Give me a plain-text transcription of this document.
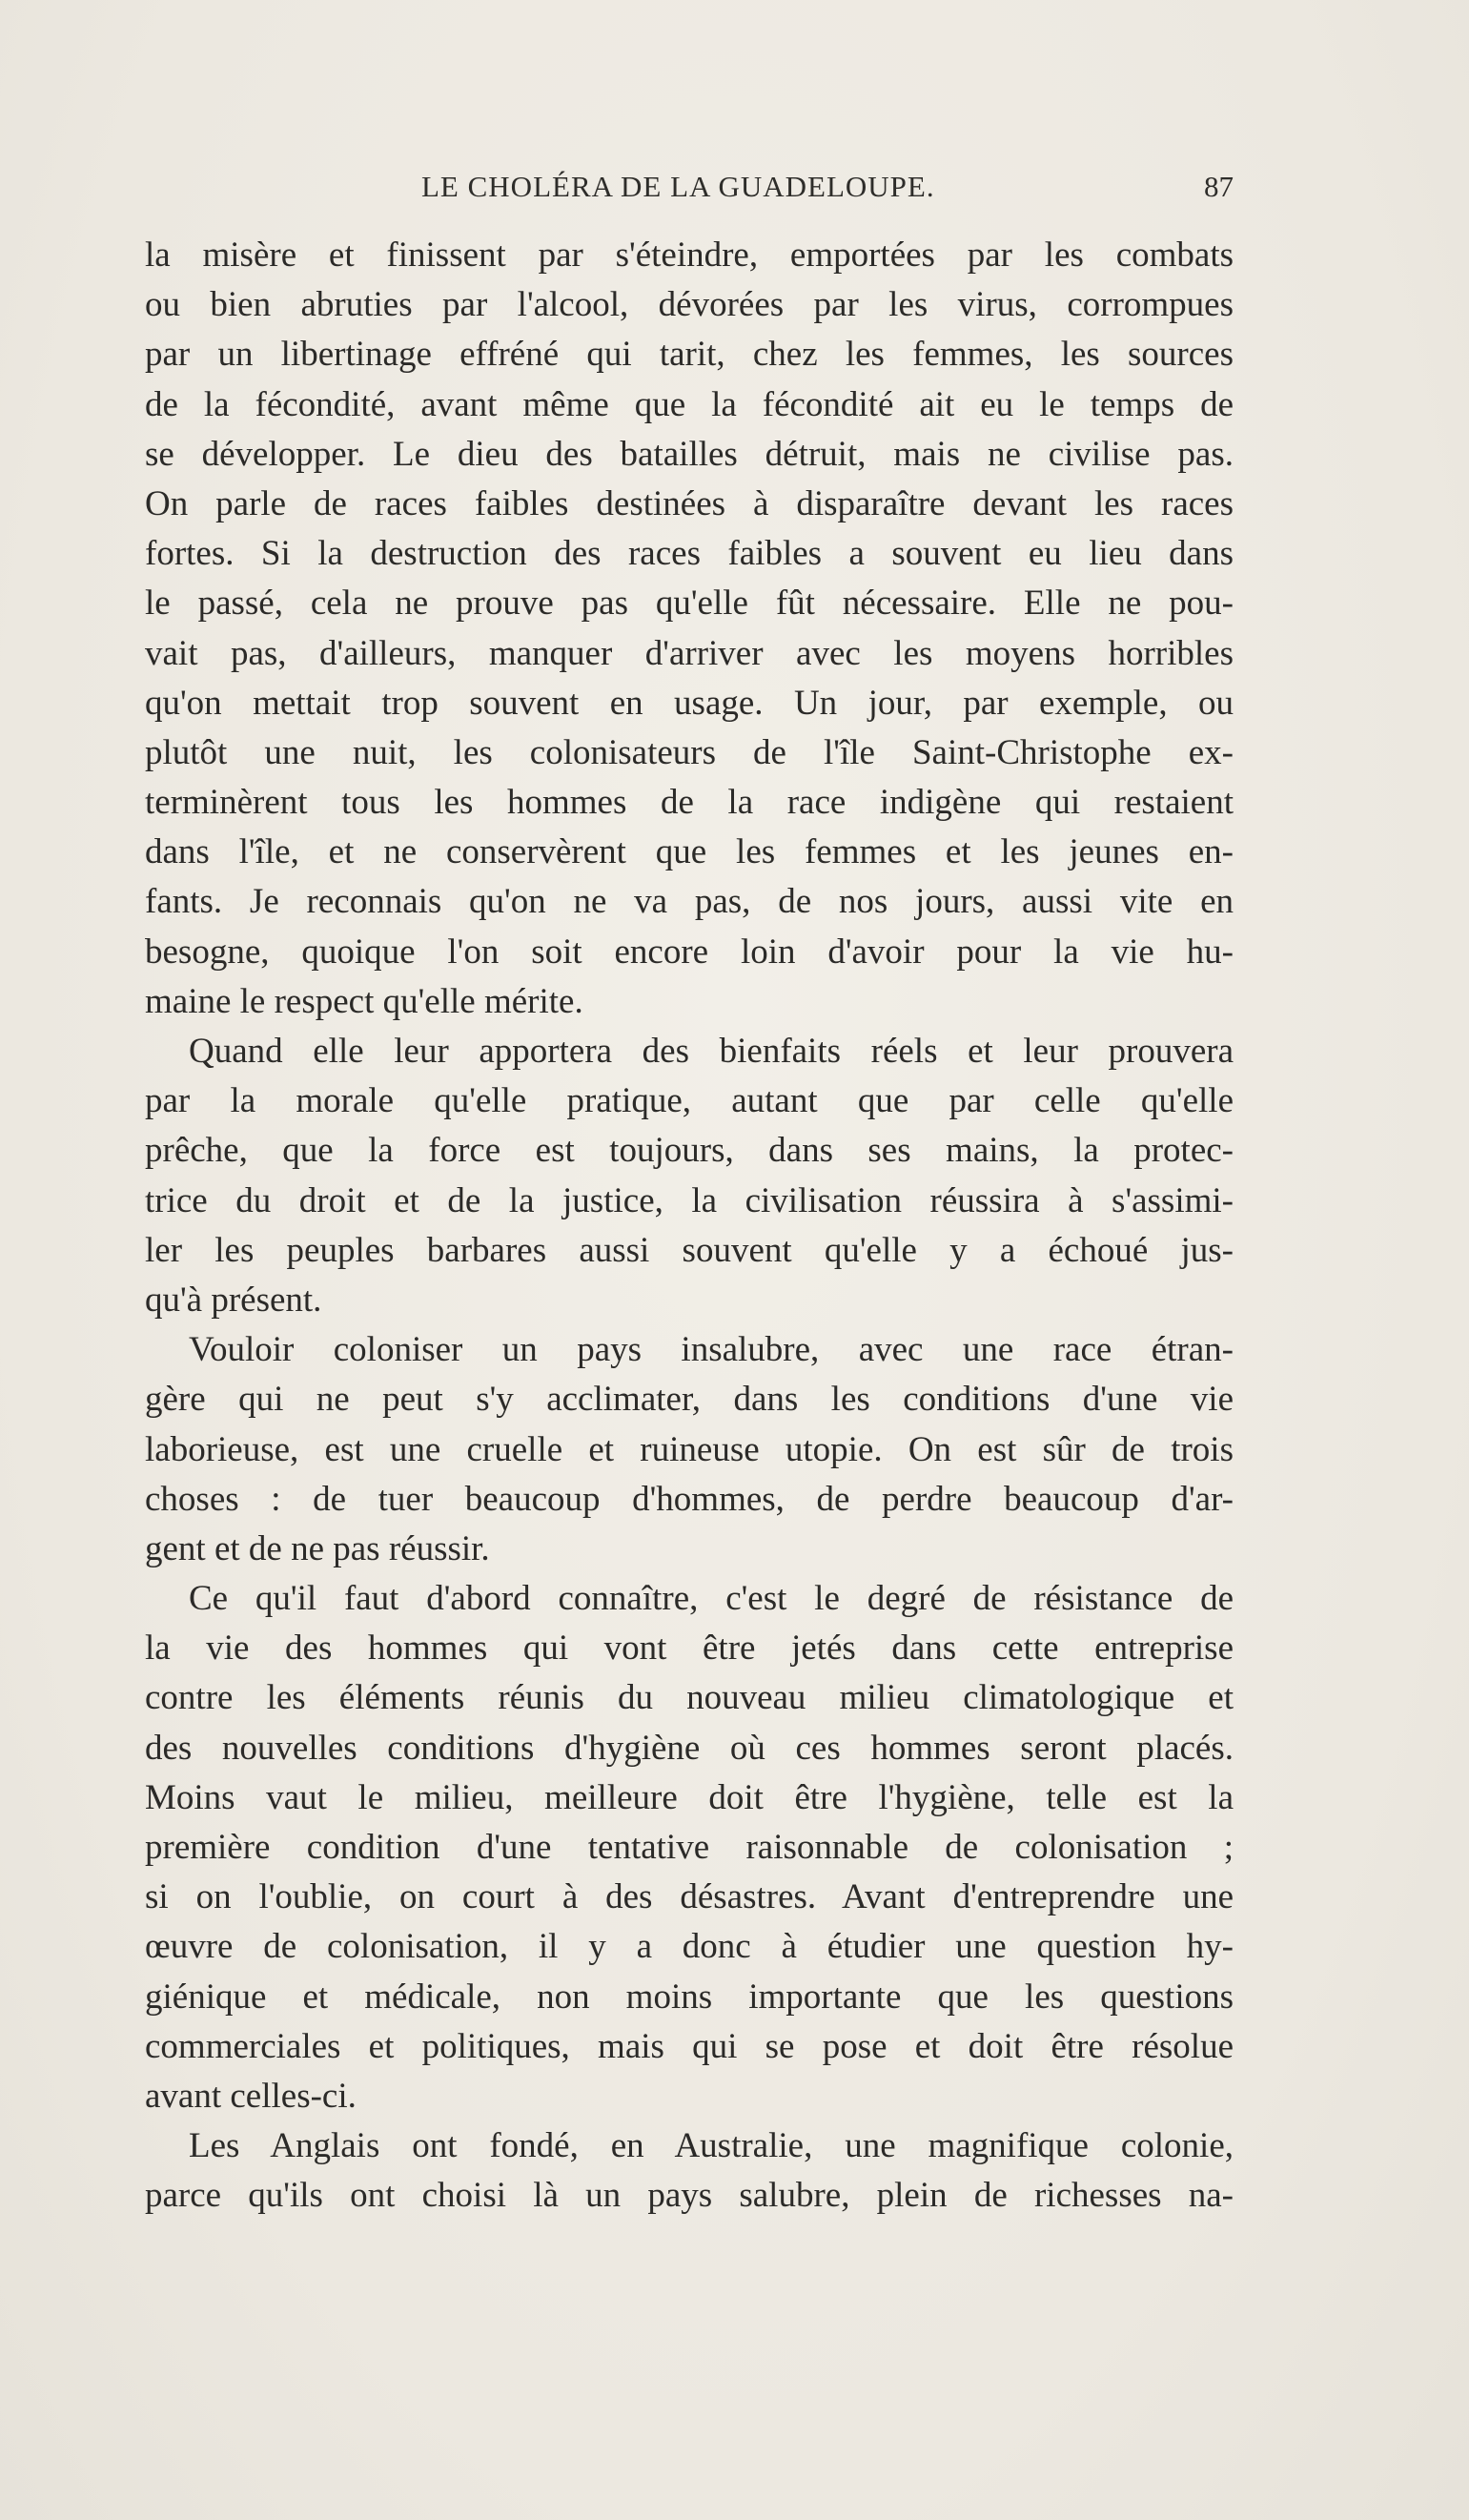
LE CHOLÉRA DE LA GUADELOUPE.	87
la misère et finissent par s'éteindre, emportées par les combats
ou bien abruties par l'alcool, dévorées par les virus, corrompues
par un libertinage effréné qui tarit, chez les femmes, les sources
de la fécondité, avant même que la fécondité ait eu le temps de
se développer. Le dieu des batailles détruit, mais ne civilise pas.
On parle de races faibles destinées à disparaître devant les races
fortes. Si la destruction des races faibles a souvent eu lieu dans
le passé, cela ne prouve pas qu'elle fût nécessaire. Elle ne pou-
vait pas, d'ailleurs, manquer d'arriver avec les moyens horribles
qu'on mettait trop souvent en usage. Un jour, par exemple, ou
plutôt une nuit, les colonisateurs de l'île Saint-Christophe ex-
terminèrent tous les hommes de la race indigène qui restaient
dans l'île, et ne conservèrent que les femmes et les jeunes en-
fants. Je reconnais qu'on ne va pas, de nos jours, aussi vite en
besogne, quoique l'on soit encore loin d'avoir pour la vie hu-
maine le respect qu'elle mérite.
Quand elle leur apportera des bienfaits réels et leur prouvera
par la morale qu'elle pratique, autant que par celle qu'elle
prêche, que la force est toujours, dans ses mains, la protec-
trice du droit et de la justice, la civilisation réussira à s'assimi-
ler les peuples barbares aussi souvent qu'elle y a échoué jus-
qu'à présent.
Vouloir coloniser un pays insalubre, avec une race étran-
gère qui ne peut s'y acclimater, dans les conditions d'une vie
laborieuse, est une cruelle et ruineuse utopie. On est sûr de trois
choses : de tuer beaucoup d'hommes, de perdre beaucoup d'ar-
gent et de ne pas réussir.
Ce qu'il faut d'abord connaître, c'est le degré de résistance de
la vie des hommes qui vont être jetés dans cette entreprise
contre les éléments réunis du nouveau milieu climatologique et
des nouvelles conditions d'hygiène où ces hommes seront placés.
Moins vaut le milieu, meilleure doit être l'hygiène, telle est la
première condition d'une tentative raisonnable de colonisation ;
si on l'oublie, on court à des désastres. Avant d'entreprendre une
œuvre de colonisation, il y a donc à étudier une question hy-
giénique et médicale, non moins importante que les questions
commerciales et politiques, mais qui se pose et doit être résolue
avant celles-ci.
Les Anglais ont fondé, en Australie, une magnifique colonie,
parce qu'ils ont choisi là un pays salubre, plein de richesses na-
